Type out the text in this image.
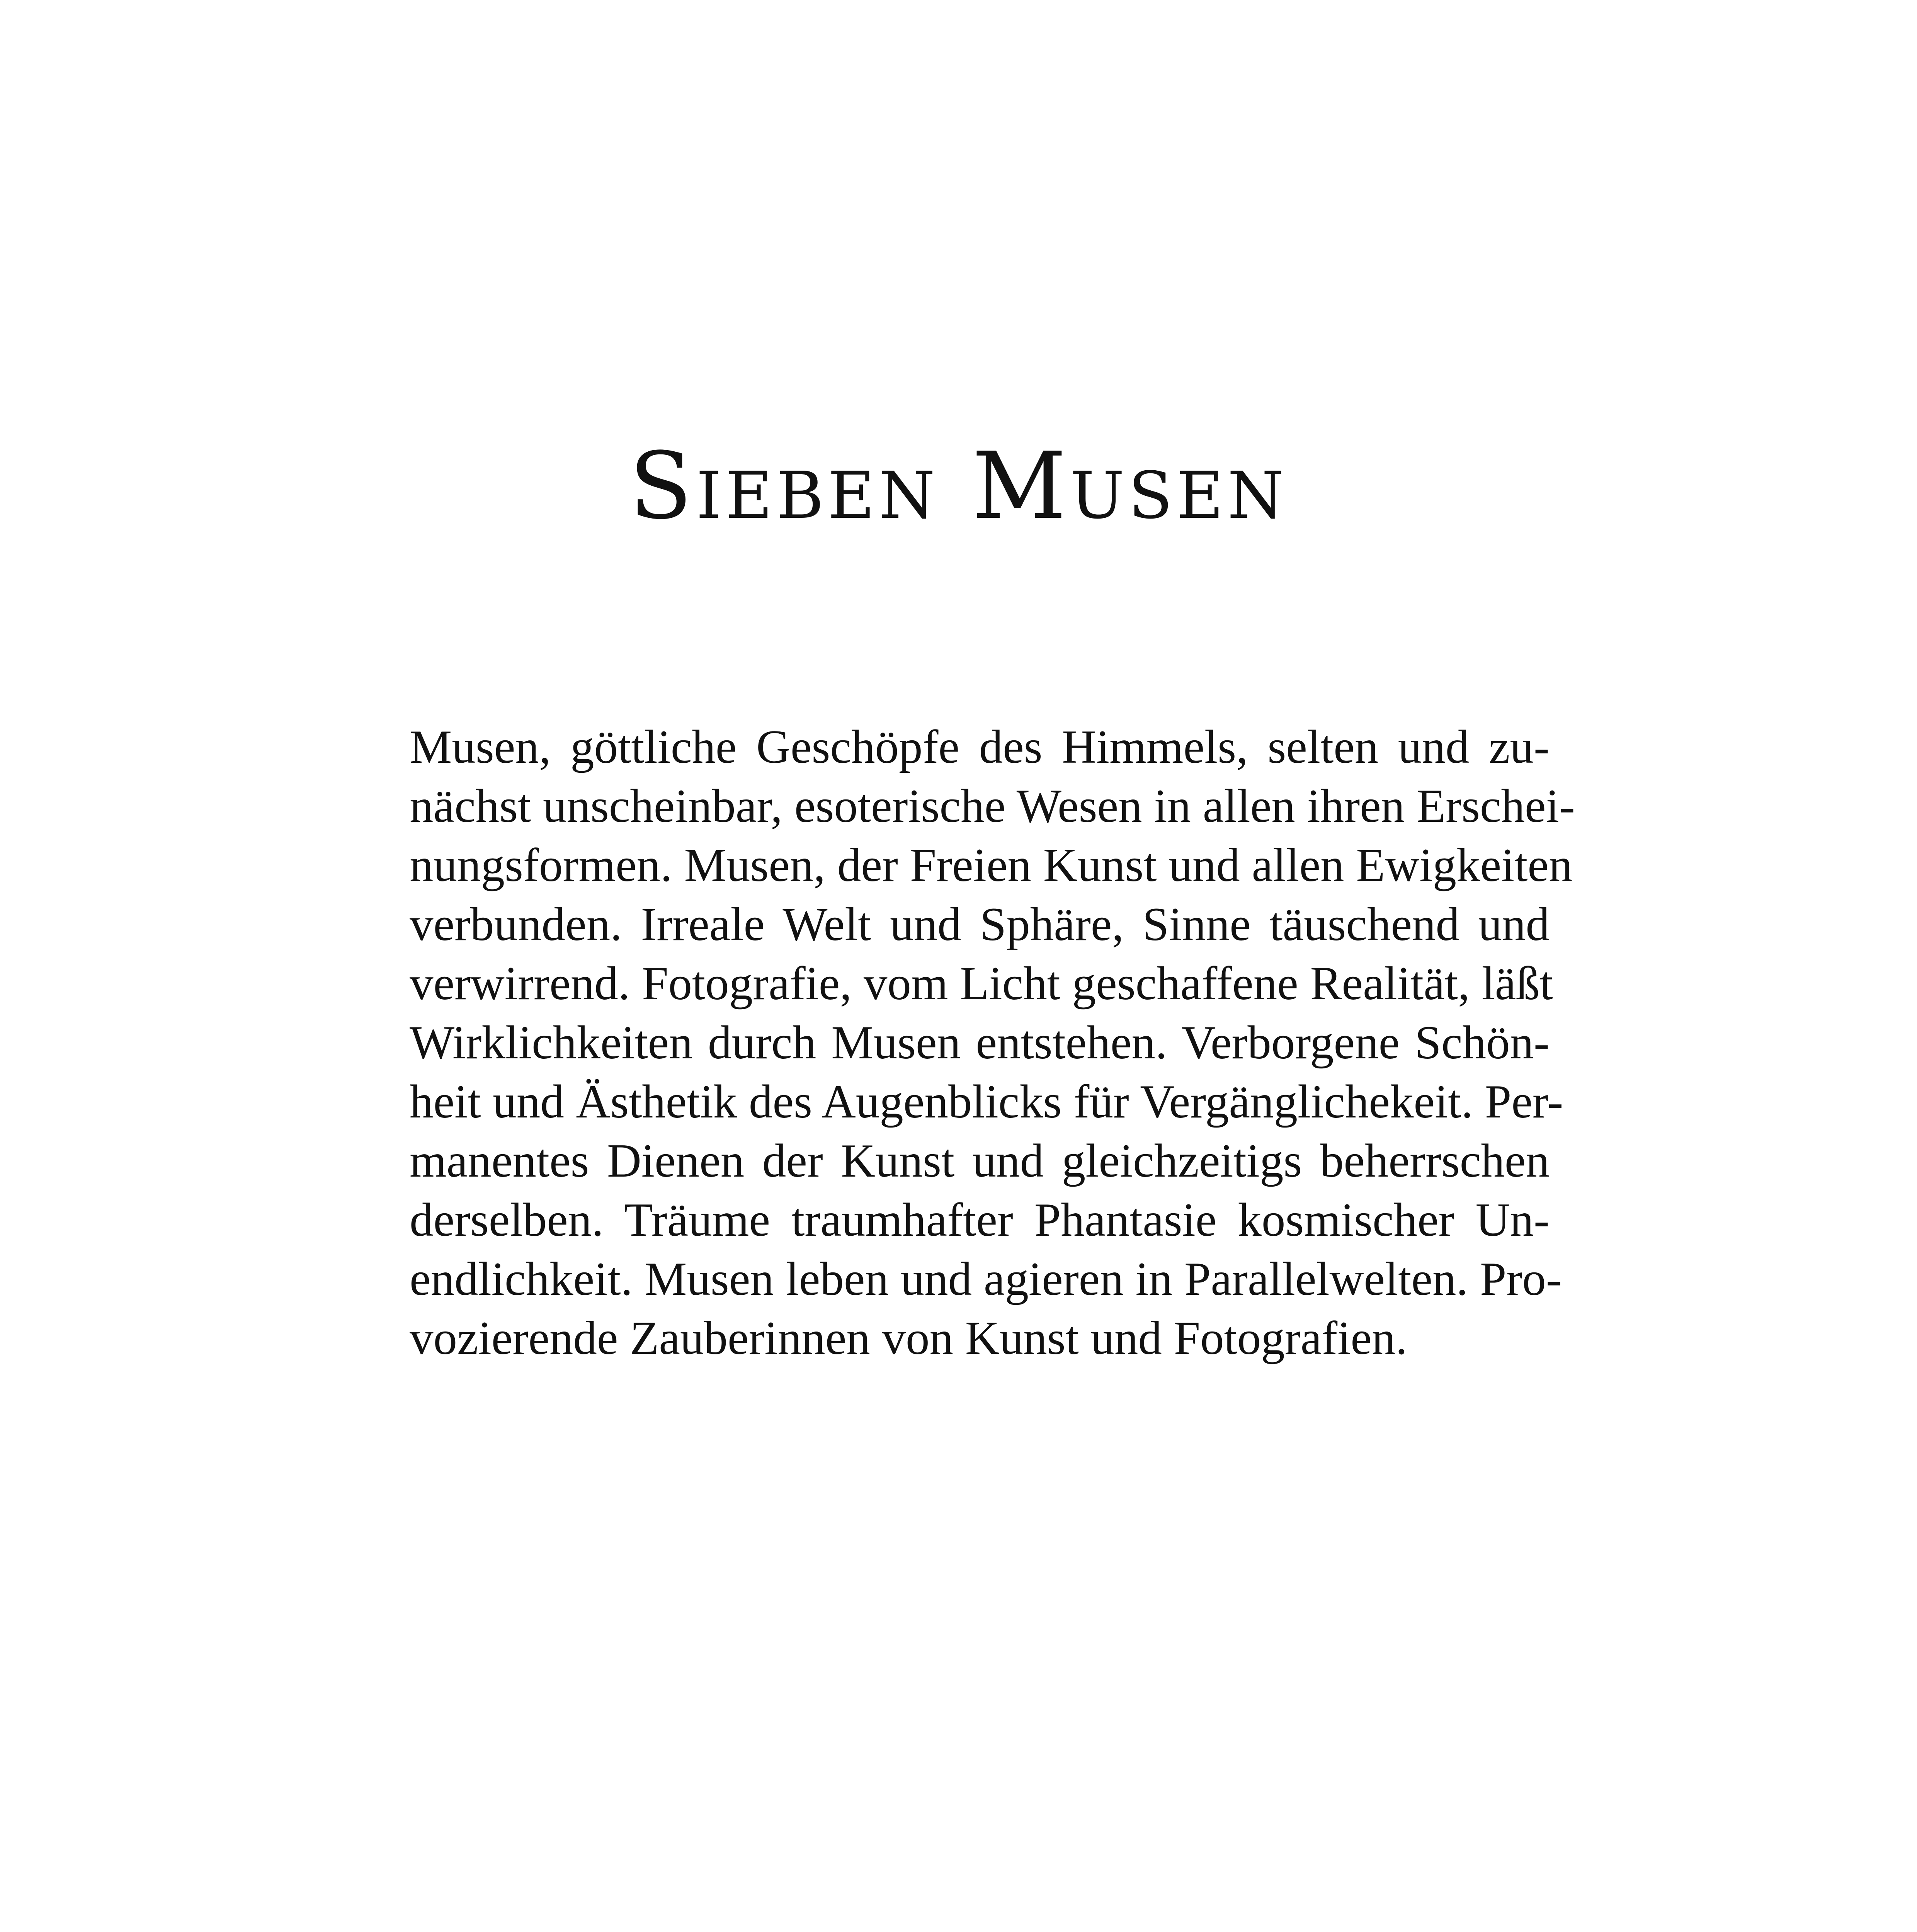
Sieben Musen
Musen, göttliche Geschöpfe des Himmels, selten und zu-
nächst unscheinbar, esoterische Wesen in allen ihren Erschei-
nungsformen. Musen, der Freien Kunst und allen Ewigkeiten
verbunden. Irreale Welt und Sphäre, Sinne täuschend und
verwirrend. Fotografie, vom Licht geschaffene Realität, läßt
Wirklichkeiten durch Musen entstehen. Verborgene Schön-
heit und Ästhetik des Augenblicks für Vergänglichekeit. Per-
manentes Dienen der Kunst und gleichzeitigs beherrschen
derselben. Träume traumhafter Phantasie kosmischer Un-
endlichkeit. Musen leben und agieren in Parallelwelten. Pro-
vozierende Zauberinnen von Kunst und Fotografien.
